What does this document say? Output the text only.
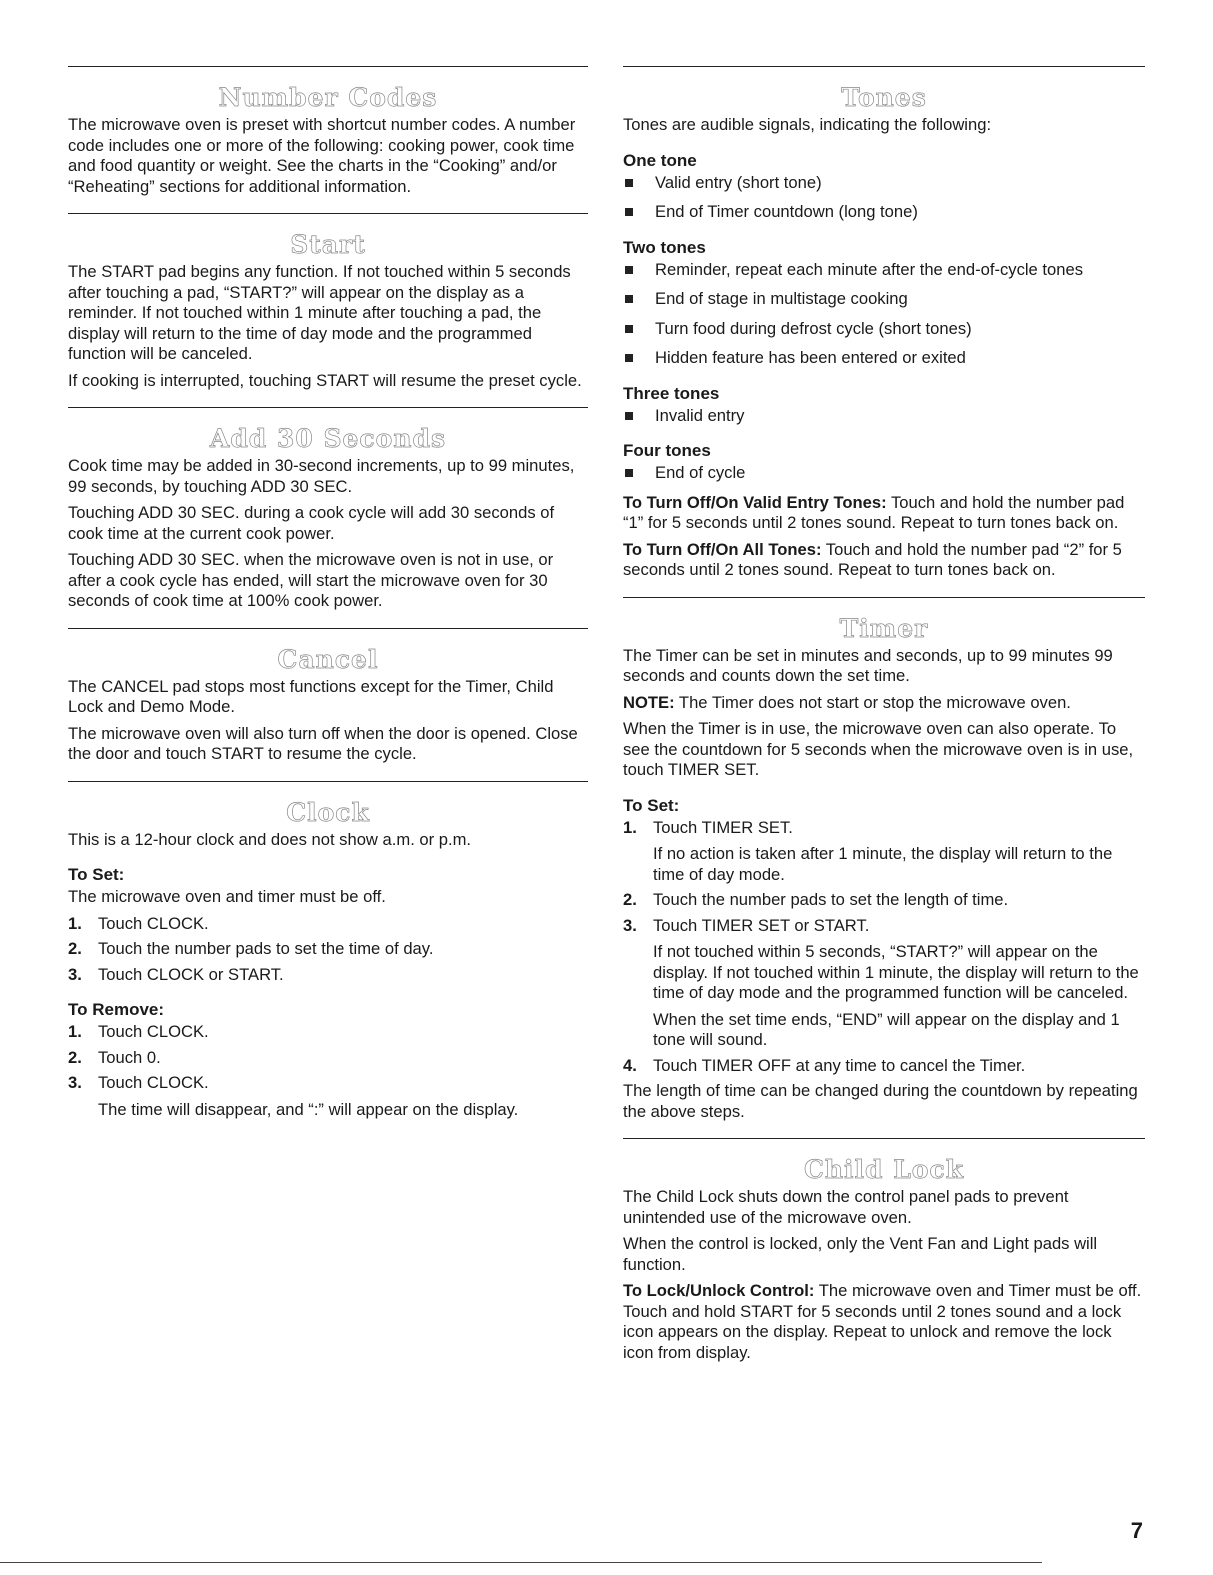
Number Codes

The microwave oven is preset with shortcut number codes. A number code includes one or more of the following: cooking power, cook time and food quantity or weight. See the charts in the “Cooking” and/or “Reheating” sections for additional information.

Start

The START pad begins any function. If not touched within 5 seconds after touching a pad, “START?” will appear on the display as a reminder. If not touched within 1 minute after touching a pad, the display will return to the time of day mode and the programmed function will be canceled.

If cooking is interrupted, touching START will resume the preset cycle.

Add 30 Seconds

Cook time may be added in 30-second increments, up to 99 minutes, 99 seconds, by touching ADD 30 SEC.

Touching ADD 30 SEC. during a cook cycle will add 30 seconds of cook time at the current cook power.

Touching ADD 30 SEC. when the microwave oven is not in use, or after a cook cycle has ended, will start the microwave oven for 30 seconds of cook time at 100% cook power.

Cancel

The CANCEL pad stops most functions except for the Timer, Child Lock and Demo Mode.

The microwave oven will also turn off when the door is opened. Close the door and touch START to resume the cycle.

Clock

This is a 12-hour clock and does not show a.m. or p.m.

To Set:

The microwave oven and timer must be off.

1. Touch CLOCK.
2. Touch the number pads to set the time of day.
3. Touch CLOCK or START.
To Remove:
1. Touch CLOCK.
2. Touch 0.
3. Touch CLOCK.
The time will disappear, and “:” will appear on the display.
Tones

Tones are audible signals, indicating the following:

One tone
Valid entry (short tone)
End of Timer countdown (long tone)
Two tones
Reminder, repeat each minute after the end-of-cycle tones
End of stage in multistage cooking
Turn food during defrost cycle (short tones)
Hidden feature has been entered or exited
Three tones
Invalid entry
Four tones
End of cycle

To Turn Off/On Valid Entry Tones: Touch and hold the number pad “1” for 5 seconds until 2 tones sound. Repeat to turn tones back on.

To Turn Off/On All Tones: Touch and hold the number pad “2” for 5 seconds until 2 tones sound. Repeat to turn tones back on.

Timer

The Timer can be set in minutes and seconds, up to 99 minutes 99 seconds and counts down the set time.

NOTE: The Timer does not start or stop the microwave oven.

When the Timer is in use, the microwave oven can also operate. To see the countdown for 5 seconds when the microwave oven is in use, touch TIMER SET.

To Set:
1. Touch TIMER SET.
If no action is taken after 1 minute, the display will return to the time of day mode.
2. Touch the number pads to set the length of time.
3. Touch TIMER SET or START.
If not touched within 5 seconds, “START?” will appear on the display. If not touched within 1 minute, the display will return to the time of day mode and the programmed function will be canceled.
When the set time ends, “END” will appear on the display and 1 tone will sound.
4. Touch TIMER OFF at any time to cancel the Timer.

The length of time can be changed during the countdown by repeating the above steps.

Child Lock

The Child Lock shuts down the control panel pads to prevent unintended use of the microwave oven.

When the control is locked, only the Vent Fan and Light pads will function.

To Lock/Unlock Control: The microwave oven and Timer must be off. Touch and hold START for 5 seconds until 2 tones sound and a lock icon appears on the display. Repeat to unlock and remove the lock icon from display.

7
